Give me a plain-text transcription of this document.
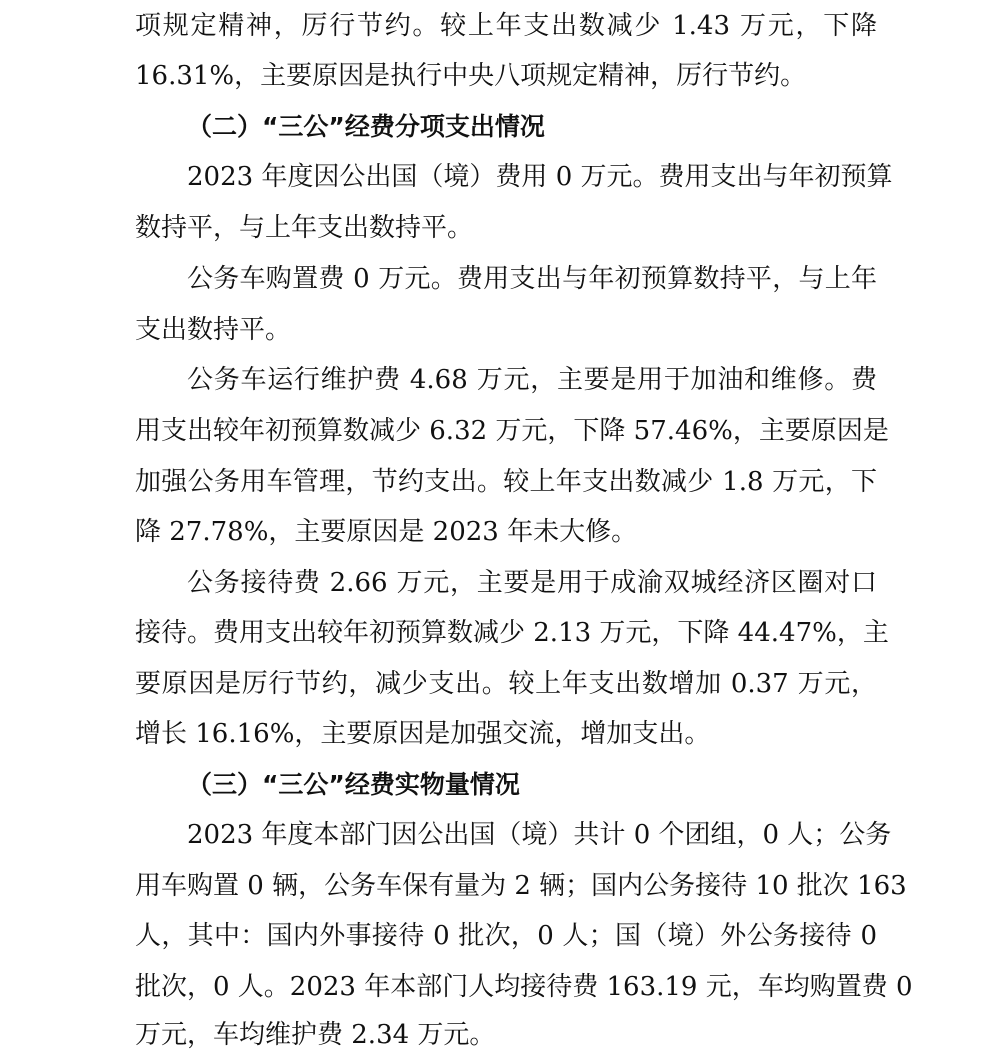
项规定精神，厉行节约。较上年支出数减少 1.43 万元，下降
16.31%，主要原因是执行中央八项规定精神，厉行节约。
（二）“三公”经费分项支出情况
2023 年度因公出国（境）费用 0 万元。费用支出与年初预算
数持平，与上年支出数持平。
公务车购置费 0 万元。费用支出与年初预算数持平，与上年
支出数持平。
公务车运行维护费 4.68 万元，主要是用于加油和维修。费
用支出较年初预算数减少 6.32 万元，下降 57.46%，主要原因是
加强公务用车管理，节约支出。较上年支出数减少 1.8 万元，下
降 27.78%，主要原因是 2023 年未大修。
公务接待费 2.66 万元，主要是用于成渝双城经济区圈对口
接待。费用支出较年初预算数减少 2.13 万元，下降 44.47%，主
要原因是厉行节约，减少支出。较上年支出数增加 0.37 万元，
增长 16.16%，主要原因是加强交流，增加支出。
（三）“三公”经费实物量情况
2023 年度本部门因公出国（境）共计 0 个团组，0 人；公务
用车购置 0 辆，公务车保有量为 2 辆；国内公务接待 10 批次 163
人，其中：国内外事接待 0 批次，0 人；国（境）外公务接待 0
批次，0 人。2023 年本部门人均接待费 163.19 元，车均购置费 0
万元，车均维护费 2.34 万元。
